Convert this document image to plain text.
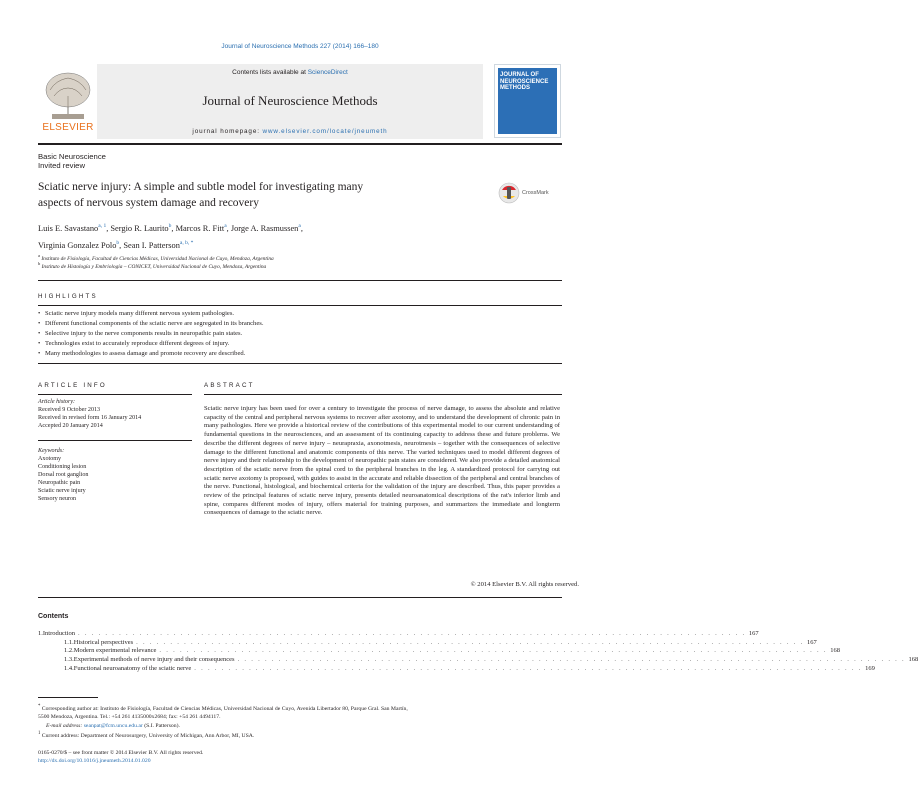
Journal of Neuroscience Methods 227 (2014) 166–180
Contents lists available at ScienceDirect
Journal of Neuroscience Methods
journal homepage: www.elsevier.com/locate/jneumeth
ELSEVIER
JOURNAL OF NEUROSCIENCE METHODS
Basic Neuroscience
Invited review
Sciatic nerve injury: A simple and subtle model for investigating many
aspects of nervous system damage and recovery
CrossMark
Luis E. Savastano$^{a, 1}$, Sergio R. Laurito$^b$, Marcos R. Fitt$^a$, Jorge A. Rasmussen$^a$,
Virginia Gonzalez Polo$^b$, Sean I. Patterson$^{a, b, *}$
$^a$ Instituto de Fisiología, Facultad de Ciencias Médicas, Universidad Nacional de Cuyo, Mendoza, Argentina
$^b$ Instituto de Histología y Embriología – CONICET, Universidad Nacional de Cuyo, Mendoza, Argentina
HIGHLIGHTS
• Sciatic nerve injury models many different nervous system pathologies.
• Different functional components of the sciatic nerve are segregated in its branches.
• Selective injury to the nerve components results in neuropathic pain states.
• Technologies exist to accurately reproduce different degrees of injury.
• Many methodologies to assess damage and promote recovery are described.
ARTICLE INFO
Article history:
Received 9 October 2013
Received in revised form 16 January 2014
Accepted 20 January 2014
Keywords:
Axotomy
Conditioning lesion
Dorsal root ganglion
Neuropathic pain
Sciatic nerve injury
Sensory neuron
ABSTRACT
Sciatic nerve injury has been used for over a century to investigate the process of nerve damage, to assess the absolute and relative capacity of the central and peripheral nervous systems to recover after axotomy, and to understand the development of chronic pain in many pathologies. Here we provide a historical review of the contributions of this experimental model to our current understanding of fundamental questions in the neurosciences, and an assessment of its continuing capacity to address these and future problems. We describe the different degrees of nerve injury – neurapraxia, axonotmesis, neurotmesis – together with the consequences of selective damage to the different functional and anatomic components of this nerve. The varied techniques used to model different degrees of nerve injury and their relationship to the development of neuropathic pain states are considered. We also provide a detailed anatomical description of the sciatic nerve from the spinal cord to the peripheral branches in the leg. A standardized protocol for carrying out sciatic nerve axotomy is proposed, with guides to assist in the accurate and reliable dissection of the peripheral and central branches of the nerve. Functional, histological, and biochemical criteria for the validation of the injury are described. Thus, this paper provides a review of the principal features of sciatic nerve injury, presents detailed neuroanatomical descriptions of the rat's inferior limb and spine, compares different modes of injury, offers material for training purposes, and summarizes the immediate and longterm consequences of damage to the sciatic nerve.
© 2014 Elsevier B.V. All rights reserved.
Contents
1. Introduction . . . . . . . . . . . . . . . . . . . . . . . . . . . . . . . . . . . . . . . . . . . . . . . . . . . . . . . . . . . . . . . . . . . . . . . . . . . . . . . . . . . . . . . . . . . . . . . . . . 167
1.1. Historical perspectives . . . . . . . . . . . . . . . . . . . . . . . . . . . . . . . . . . . . . . . . . . . . . . . . . . . . . . . . . . . . . . . . . . . . . . . . . . . . . . . . . . . . . . . . . . . . . . . . . . 167
1.2. Modern experimental relevance . . . . . . . . . . . . . . . . . . . . . . . . . . . . . . . . . . . . . . . . . . . . . . . . . . . . . . . . . . . . . . . . . . . . . . . . . . . . . . . . . . . . . . . . . . . . . . . . . . 168
1.3. Experimental methods of nerve injury and their consequences . . . . . . . . . . . . . . . . . . . . . . . . . . . . . . . . . . . . . . . . . . . . . . . . . . . . . . . . . . . . . . . . . . . . . . . . . . . . . . . . . . . . . . . . . . . . . . . . . . 168
1.4. Functional neuroanatomy of the sciatic nerve . . . . . . . . . . . . . . . . . . . . . . . . . . . . . . . . . . . . . . . . . . . . . . . . . . . . . . . . . . . . . . . . . . . . . . . . . . . . . . . . . . . . . . . . . . . . . . . . . . 169
* Corresponding author at: Instituto de Fisiología, Facultad de Ciencias Médicas, Universidad Nacional de Cuyo, Avenida Libertador 80, Parque Gral. San Martín,
5500 Mendoza, Argentina. Tel.: +54 261 4135000x2684; fax: +54 261 4494117.
E-mail address: seanpat@fcm.uncu.edu.ar (S.I. Patterson).
$^1$ Current address: Department of Neurosurgery, University of Michigan, Ann Arbor, MI, USA.
0165-0270/$ – see front matter © 2014 Elsevier B.V. All rights reserved.
http://dx.doi.org/10.1016/j.jneumeth.2014.01.020
